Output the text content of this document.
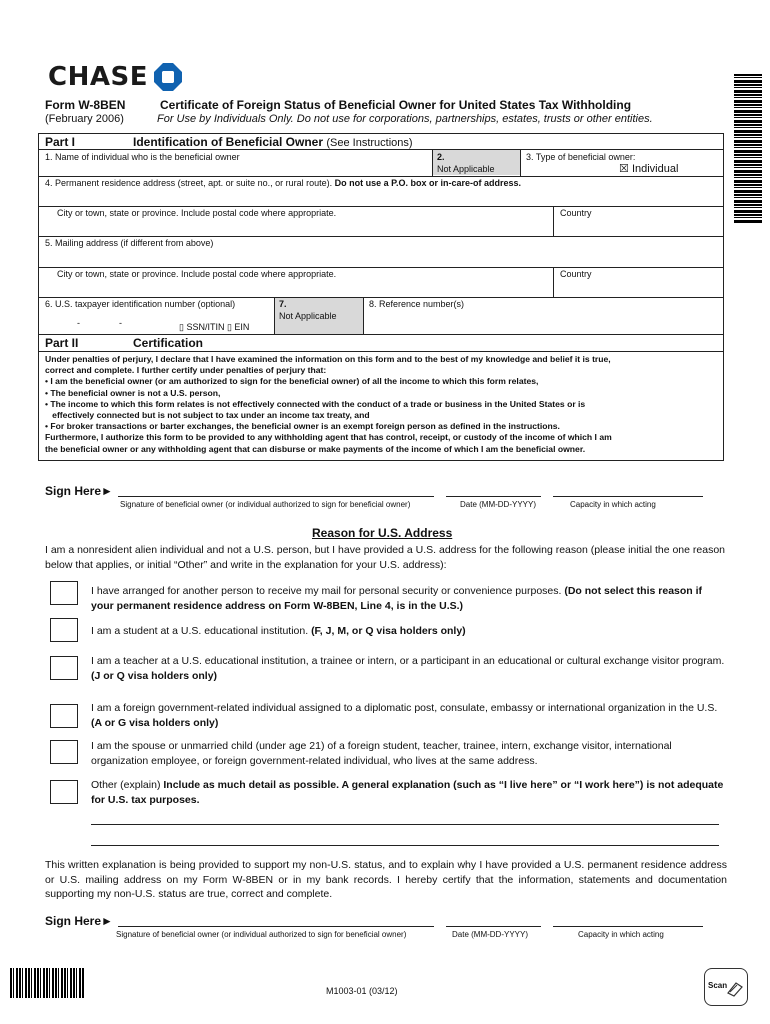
CHASE
Form W-8BEN
(February 2006)
Certificate of Foreign Status of Beneficial Owner for United States Tax Withholding
For Use by Individuals Only. Do not use for corporations, partnerships, estates, trusts or other entities.
Part I	Identification of Beneficial Owner (See Instructions)
1. Name of individual who is the beneficial owner	2.
Not Applicable
3. Type of beneficial owner:
☒ Individual
4. Permanent residence address (street, apt. or suite no., or rural route). Do not use a P.O. box or in-care-of address.
City or town, state or province. Include postal code where appropriate.	Country
5. Mailing address (if different from above)
City or town, state or province. Include postal code where appropriate.	Country
6. U.S. taxpayer identification number (optional)
-	-	▯ SSN/ITIN ▯ EIN
7.
Not Applicable
8. Reference number(s)
Part II	Certification
Under penalties of perjury, I declare that I have examined the information on this form and to the best of my knowledge and belief it is true,
correct and complete. I further certify under penalties of perjury that:
• I am the beneficial owner (or am authorized to sign for the beneficial owner) of all the income to which this form relates,
• The beneficial owner is not a U.S. person,
• The income to which this form relates is not effectively connected with the conduct of a trade or business in the United States or is
effectively connected but is not subject to tax under an income tax treaty, and
• For broker transactions or barter exchanges, the beneficial owner is an exempt foreign person as defined in the instructions.
Furthermore, I authorize this form to be provided to any withholding agent that has control, receipt, or custody of the income of which I am
the beneficial owner or any withholding agent that can disburse or make payments of the income of which I am the beneficial owner.
Sign Here►
Signature of beneficial owner (or individual authorized to sign for beneficial owner)	Date (MM-DD-YYYY)	Capacity in which acting
Reason for U.S. Address
I am a nonresident alien individual and not a U.S. person, but I have provided a U.S. address for the following reason (please initial the one reason below that applies, or initial “Other” and write in the explanation for your U.S. address):
I have arranged for another person to receive my mail for personal security or convenience purposes. (Do not select this reason if your permanent residence address on Form W-8BEN, Line 4, is in the U.S.)
I am a student at a U.S. educational institution. (F, J, M, or Q visa holders only)
I am a teacher at a U.S. educational institution, a trainee or intern, or a participant in an educational or cultural exchange visitor program. (J or Q visa holders only)
I am a foreign government-related individual assigned to a diplomatic post, consulate, embassy or international organization in the U.S. (A or G visa holders only)
I am the spouse or unmarried child (under age 21) of a foreign student, teacher, trainee, intern, exchange visitor, international organization employee, or foreign government-related individual, who lives at the same address.
Other (explain) Include as much detail as possible. A general explanation (such as “I live here” or “I work here”) is not adequate for U.S. tax purposes.
This written explanation is being provided to support my non-U.S. status, and to explain why I have provided a U.S. permanent residence address or U.S. mailing address on my Form W-8BEN or in my bank records. I hereby certify that the information, statements and documentation supporting my non-U.S. status are true, correct and complete.
Sign Here►
Signature of beneficial owner (or individual authorized to sign for beneficial owner)	Date (MM-DD-YYYY)	Capacity in which acting
M1003-01 (03/12)
Scan
